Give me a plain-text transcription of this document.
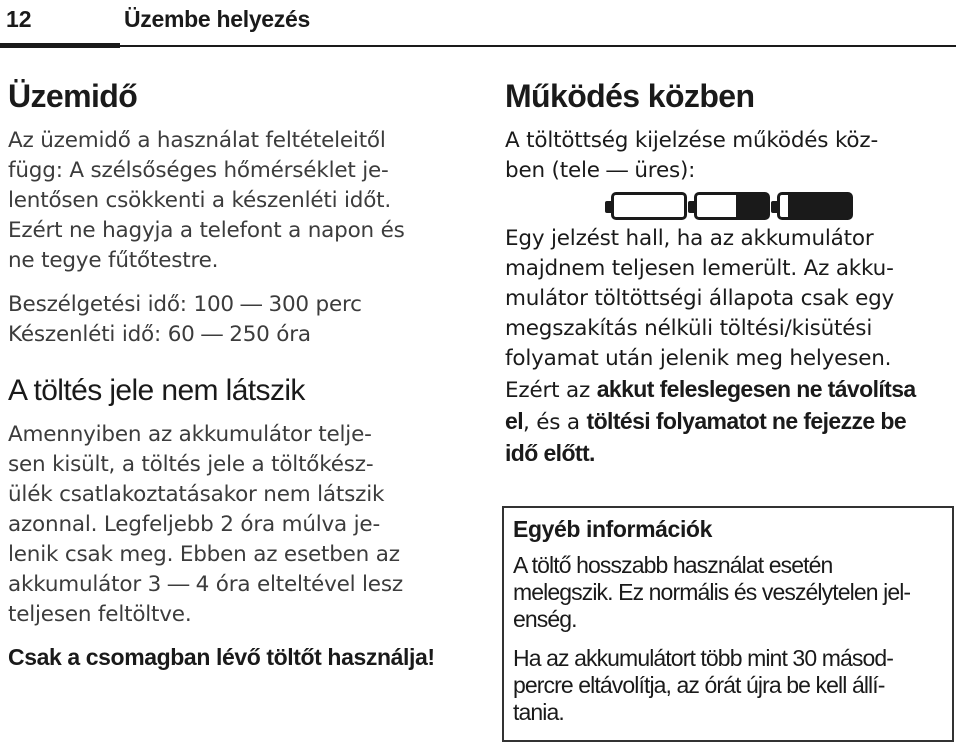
12	Üzembe helyezés
Üzemidő

Az üzemidő a használat feltételeitől
függ: A szélsőséges hőmérséklet je-
lentősen csökkenti a készenléti időt.
Ezért ne hagyja a telefont a napon és
ne tegye fűtőtestre.

Beszélgetési idő: 100 ― 300 perc
Készenléti idő: 60 ― 250 óra

A töltés jele nem látszik

Amennyiben az akkumulátor telje-
sen kisült, a töltés jele a töltőkész-
ülék csatlakoztatásakor nem látszik
azonnal. Legfeljebb 2 óra múlva je-
lenik csak meg. Ebben az esetben az
akkumulátor 3 ― 4 óra elteltével lesz
teljesen feltöltve.

Csak a csomagban lévő töltőt használja!

Működés közben

A töltöttség kijelzése működés köz-
ben (tele ― üres):

Egy jelzést hall, ha az akkumulátor
majdnem teljesen lemerült. Az akku-
mulátor töltöttségi állapota csak egy
megszakítás nélküli töltési/kisütési
folyamat után jelenik meg helyesen.
Ezért az akkut feleslegesen ne távolítsa
el, és a töltési folyamatot ne fejezze be
idő előtt.

Egyéb információk

A töltő hosszabb használat esetén
melegszik. Ez normális és veszélytelen jel-
enség.

Ha az akkumulátort több mint 30 másod-
percre eltávolítja, az órát újra be kell állí-
tania.
